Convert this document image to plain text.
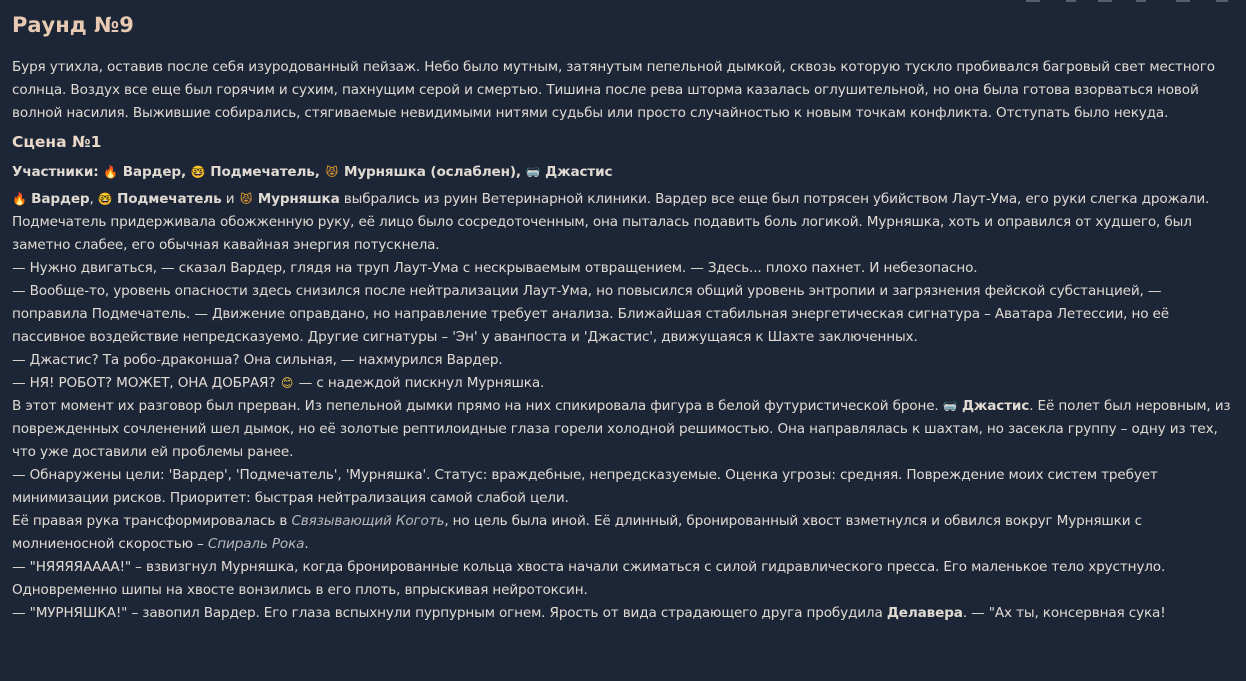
Раунд №9

Буря утихла, оставив после себя изуродованный пейзаж. Небо было мутным, затянутым пепельной дымкой, сквозь которую тускло пробивался багровый свет местного солнца. Воздух все еще был горячим и сухим, пахнущим серой и смертью. Тишина после рева шторма казалась оглушительной, но она была готова взорваться новой волной насилия. Выжившие собирались, стягиваемые невидимыми нитями судьбы или просто случайностью к новым точкам конфликта. Отступать было некуда.

Сцена №1

Участники: 🔥 Вардер, 🤓 Подмечатель, 😾 Мурняшка (ослаблен), 🥽 Джастис

🔥 Вардер, 🤓 Подмечатель и 😾 Мурняшка выбрались из руин Ветеринарной клиники. Вардер все еще был потрясен убийством Лаут-Ума, его руки слегка дрожали. Подмечатель придерживала обожженную руку, её лицо было сосредоточенным, она пыталась подавить боль логикой. Мурняшка, хоть и оправился от худшего, был заметно слабее, его обычная кавайная энергия потускнела.

— Нужно двигаться, — сказал Вардер, глядя на труп Лаут-Ума с нескрываемым отвращением. — Здесь... плохо пахнет. И небезопасно.

— Вообще-то, уровень опасности здесь снизился после нейтрализации Лаут-Ума, но повысился общий уровень энтропии и загрязнения фейской субстанцией, — поправила Подмечатель. — Движение оправдано, но направление требует анализа. Ближайшая стабильная энергетическая сигнатура – Аватара Летессии, но её пассивное воздействие непредсказуемо. Другие сигнатуры – 'Эн' у аванпоста и 'Джастис', движущаяся к Шахте заключенных.

— Джастис? Та робо-драконша? Она сильная, — нахмурился Вардер.

— НЯ! РОБОТ? МОЖЕТ, ОНА ДОБРАЯ? 😊 — с надеждой пискнул Мурняшка.

В этот момент их разговор был прерван. Из пепельной дымки прямо на них спикировала фигура в белой футуристической броне. 🥽 Джастис. Её полет был неровным, из поврежденных сочленений шел дымок, но её золотые рептилоидные глаза горели холодной решимостью. Она направлялась к шахтам, но засекла группу – одну из тех, что уже доставили ей проблемы ранее.

— Обнаружены цели: 'Вардер', 'Подмечатель', 'Мурняшка'. Статус: враждебные, непредсказуемые. Оценка угрозы: средняя. Повреждение моих систем требует минимизации рисков. Приоритет: быстрая нейтрализация самой слабой цели.

Её правая рука трансформировалась в Связывающий Коготь, но цель была иной. Её длинный, бронированный хвост взметнулся и обвился вокруг Мурняшки с молниеносной скоростью – Спираль Рока.

— "НЯЯЯЯАААА!" – взвизгнул Мурняшка, когда бронированные кольца хвоста начали сжиматься с силой гидравлического пресса. Его маленькое тело хрустнуло. Одновременно шипы на хвосте вонзились в его плоть, впрыскивая нейротоксин.

— "МУРНЯШКА!" – завопил Вардер. Его глаза вспыхнули пурпурным огнем. Ярость от вида страдающего друга пробудила Делавера. — "Ах ты, консервная сука!
